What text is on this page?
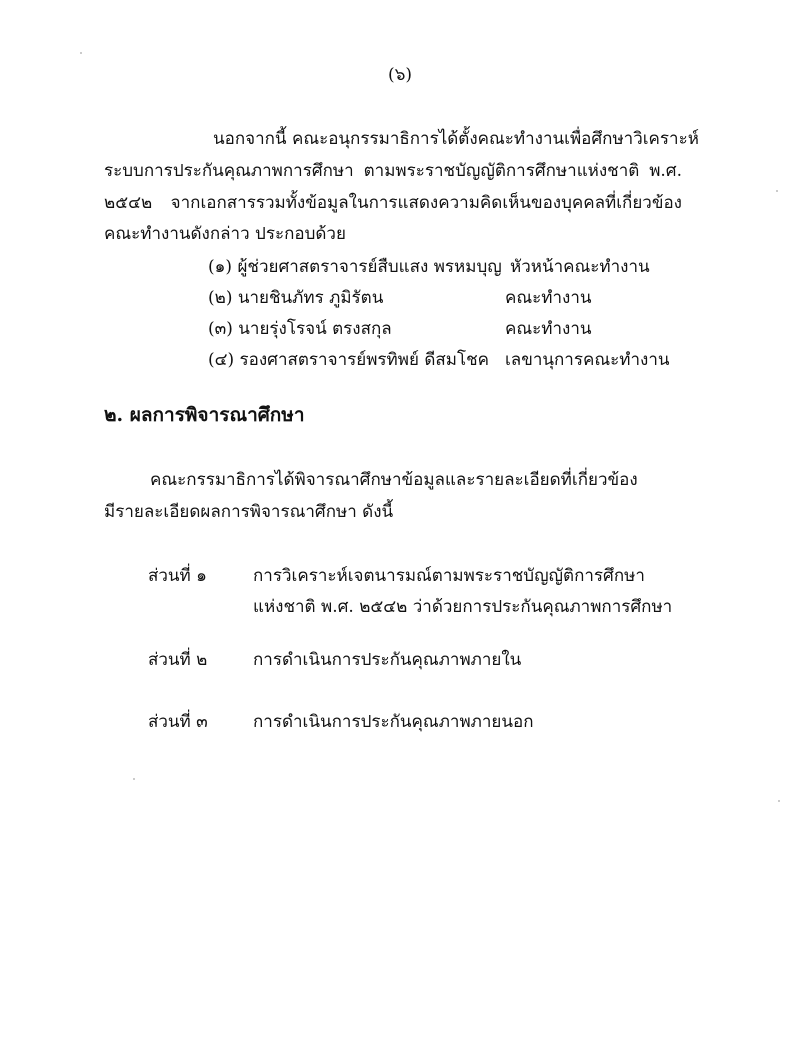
(๖)
นอกจากนี้ คณะอนุกรรมาธิการได้ตั้งคณะทำงานเพื่อศึกษาวิเคราะห์
ระบบการประกันคุณภาพการศึกษา ตามพระราชบัญญัติการศึกษาแห่งชาติ พ.ศ.
๒๕๔๒ จากเอกสารรวมทั้งข้อมูลในการแสดงความคิดเห็นของบุคคลที่เกี่ยวข้อง
คณะทำงานดังกล่าว ประกอบด้วย
(๑) ผู้ช่วยศาสตราจารย์สืบแสง พรหมบุญ หัวหน้าคณะทำงาน
(๒) นายชินภัทร ภูมิรัตน	คณะทำงาน
(๓) นายรุ่งโรจน์ ตรงสกุล	คณะทำงาน
(๔) รองศาสตราจารย์พรทิพย์ ดีสมโชค เลขานุการคณะทำงาน
๒. ผลการพิจารณาศึกษา
คณะกรรมาธิการได้พิจารณาศึกษาข้อมูลและรายละเอียดที่เกี่ยวข้อง
มีรายละเอียดผลการพิจารณาศึกษา ดังนี้
ส่วนที่ ๑	การวิเคราะห์เจตนารมณ์ตามพระราชบัญญัติการศึกษา
แห่งชาติ พ.ศ. ๒๕๔๒ ว่าด้วยการประกันคุณภาพการศึกษา
ส่วนที่ ๒	การดำเนินการประกันคุณภาพภายใน
ส่วนที่ ๓	การดำเนินการประกันคุณภาพภายนอก
